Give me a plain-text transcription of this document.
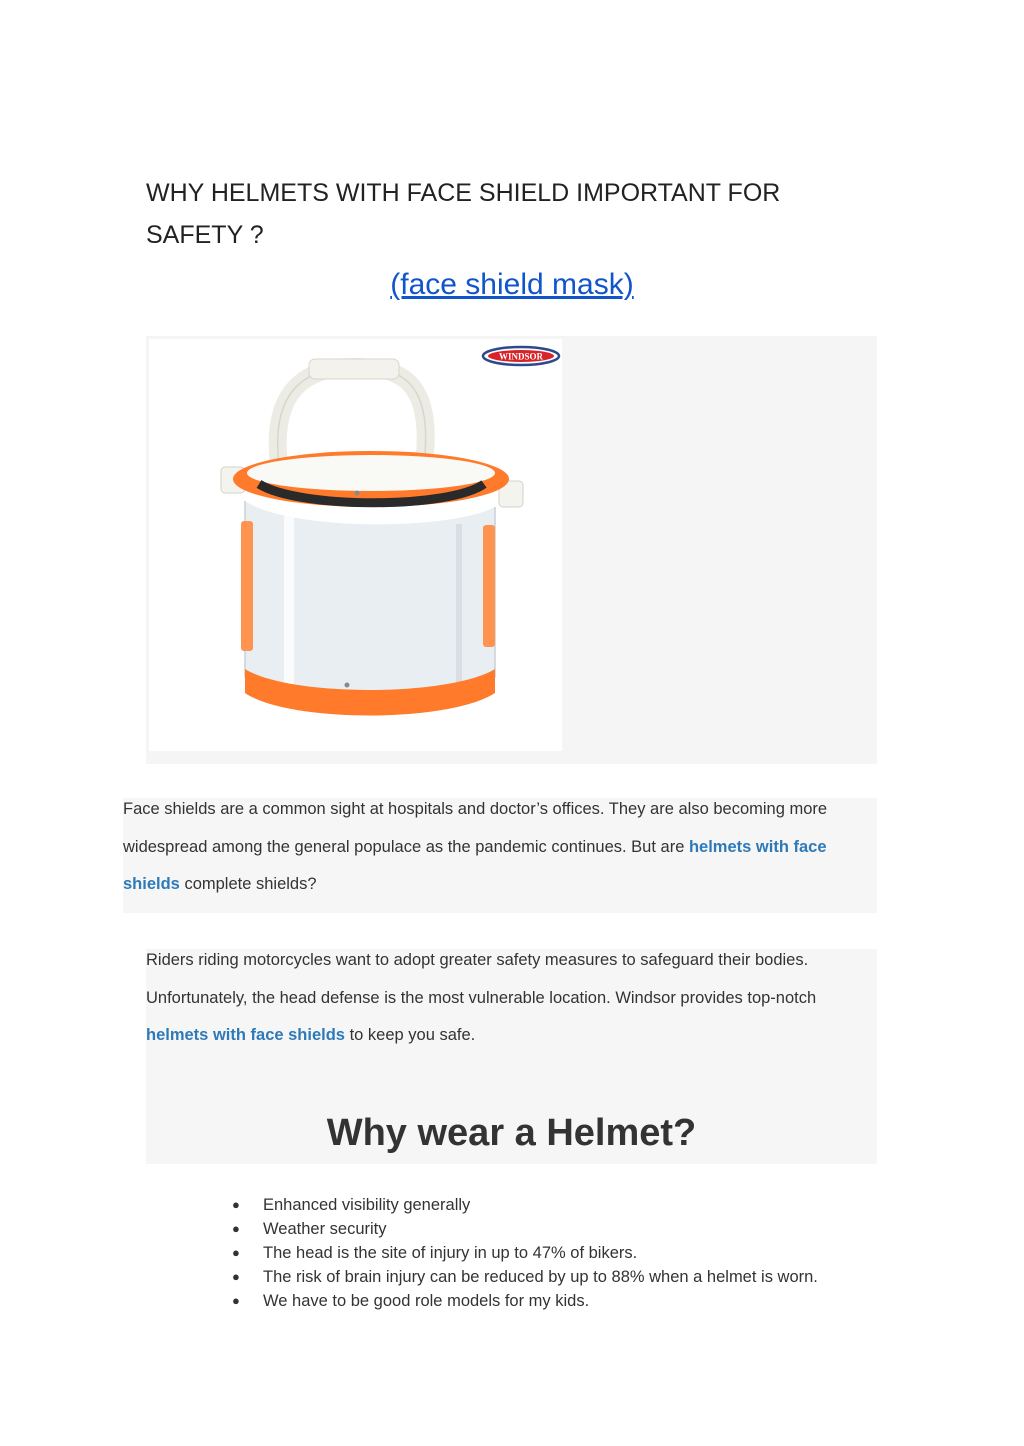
WHY HELMETS WITH FACE SHIELD IMPORTANT FOR SAFETY ?
(face shield mask)
WINDSOR

Face shields are a common sight at hospitals and doctor’s offices. They are also becoming more widespread among the general populace as the pandemic continues. But are helmets with face shields complete shields?

Riders riding motorcycles want to adopt greater safety measures to safeguard their bodies. Unfortunately, the head defense is the most vulnerable location. Windsor provides top-notch helmets with face shields to keep you safe.

Why wear a Helmet?
● Enhanced visibility generally
● Weather security
● The head is the site of injury in up to 47% of bikers.
● The risk of brain injury can be reduced by up to 88% when a helmet is worn.
● We have to be good role models for my kids.
